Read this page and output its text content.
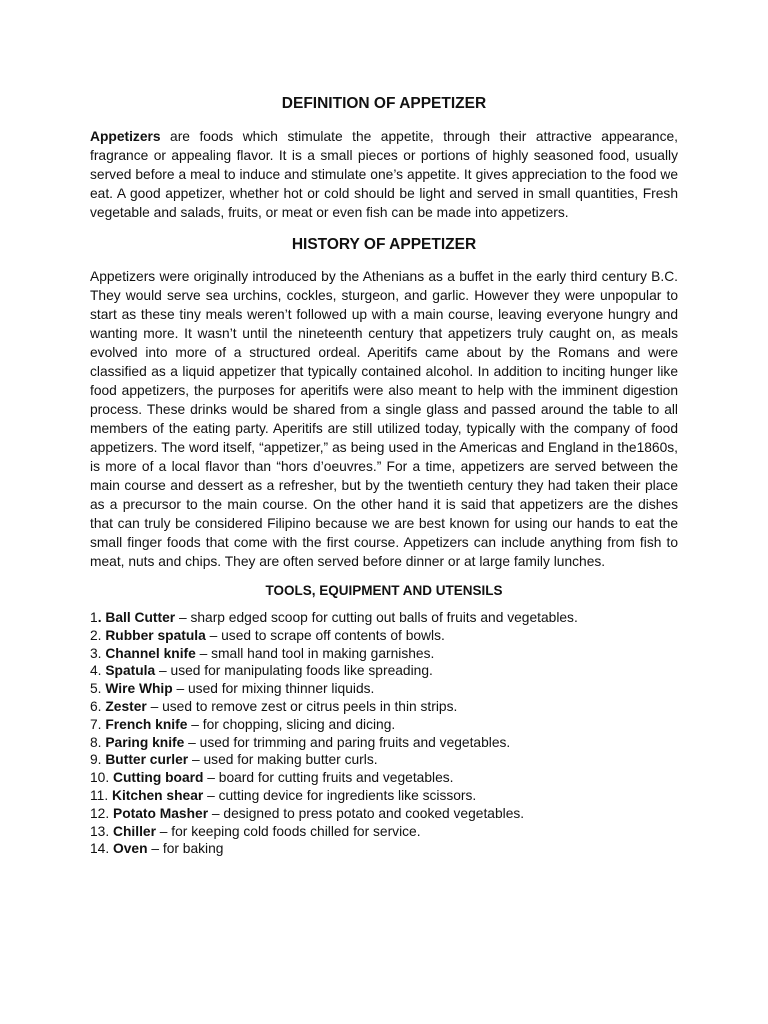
DEFINITION OF APPETIZER

Appetizers are foods which stimulate the appetite, through their attractive appearance, fragrance or appealing flavor. It is a small pieces or portions of highly seasoned food, usually served before a meal to induce and stimulate one’s appetite. It gives appreciation to the food we eat. A good appetizer, whether hot or cold should be light and served in small quantities, Fresh vegetable and salads, fruits, or meat or even fish can be made into appetizers.

HISTORY OF APPETIZER

Appetizers were originally introduced by the Athenians as a buffet in the early third century B.C. They would serve sea urchins, cockles, sturgeon, and garlic. However they were unpopular to start as these tiny meals weren’t followed up with a main course, leaving everyone hungry and wanting more. It wasn’t until the nineteenth century that appetizers truly caught on, as meals evolved into more of a structured ordeal. Aperitifs came about by the Romans and were classified as a liquid appetizer that typically contained alcohol. In addition to inciting hunger like food appetizers, the purposes for aperitifs were also meant to help with the imminent digestion process. These drinks would be shared from a single glass and passed around the table to all members of the eating party. Aperitifs are still utilized today, typically with the company of food appetizers. The word itself, “appetizer,” as being used in the Americas and England in the1860s, is more of a local flavor than “hors d’oeuvres.” For a time, appetizers are served between the main course and dessert as a refresher, but by the twentieth century they had taken their place as a precursor to the main course. On the other hand it is said that appetizers are the dishes that can truly be considered Filipino because we are best known for using our hands to eat the small finger foods that come with the first course. Appetizers can include anything from fish to meat, nuts and chips. They are often served before dinner or at large family lunches.

TOOLS, EQUIPMENT AND UTENSILS
1. Ball Cutter – sharp edged scoop for cutting out balls of fruits and vegetables.
2. Rubber spatula – used to scrape off contents of bowls.
3. Channel knife – small hand tool in making garnishes.
4. Spatula – used for manipulating foods like spreading.
5. Wire Whip – used for mixing thinner liquids.
6. Zester – used to remove zest or citrus peels in thin strips.
7. French knife – for chopping, slicing and dicing.
8. Paring knife – used for trimming and paring fruits and vegetables.
9. Butter curler – used for making butter curls.
10. Cutting board – board for cutting fruits and vegetables.
11. Kitchen shear – cutting device for ingredients like scissors.
12. Potato Masher – designed to press potato and cooked vegetables.
13. Chiller – for keeping cold foods chilled for service.
14. Oven – for baking
